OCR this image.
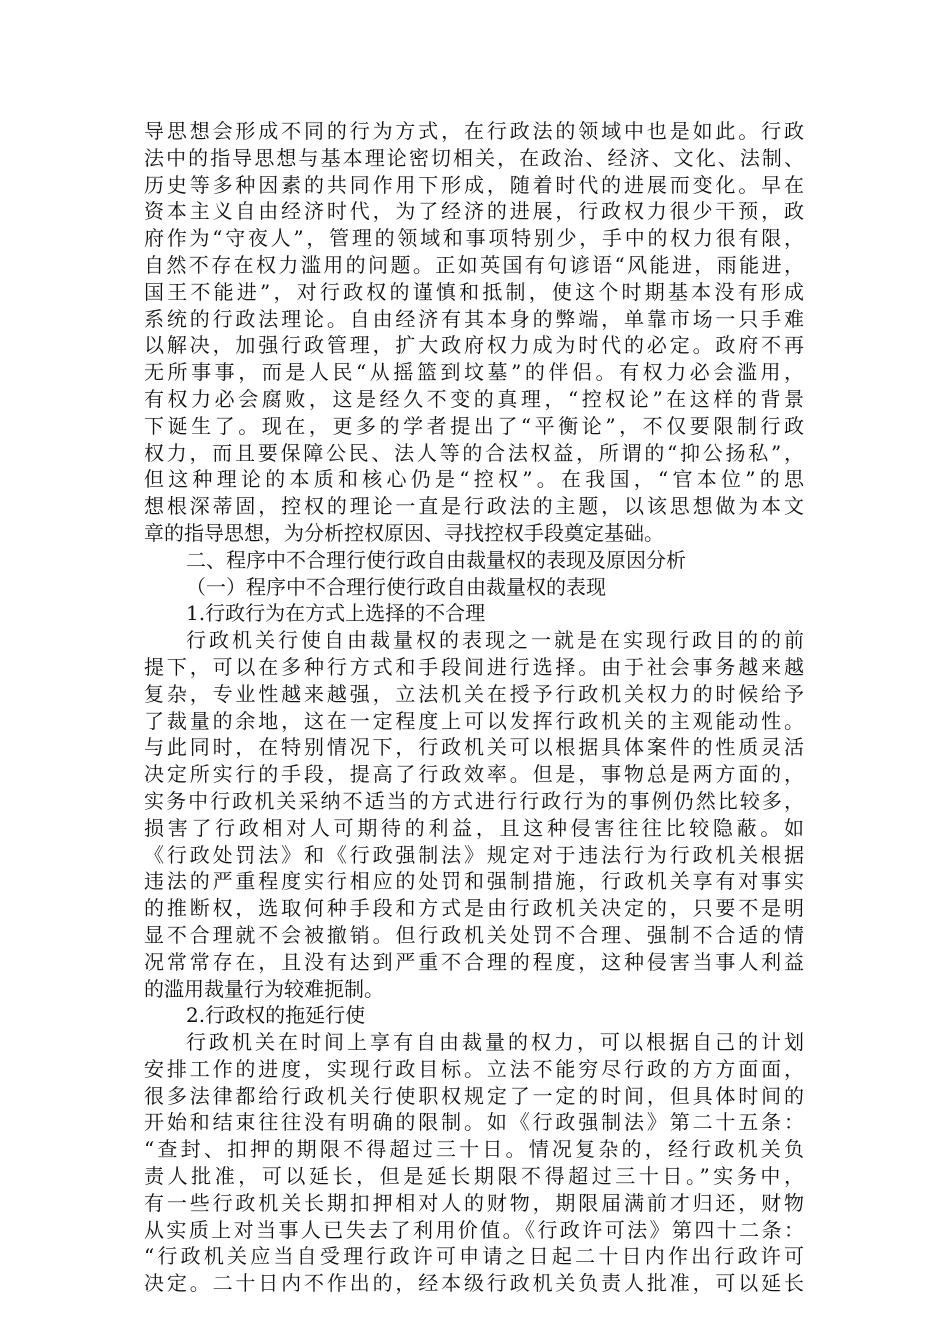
导思想会形成不同的行为方式，在行政法的领域中也是如此。行政
法中的指导思想与基本理论密切相关，在政治、经济、文化、法制、
历史等多种因素的共同作用下形成，随着时代的进展而变化。早在
资本主义自由经济时代，为了经济的进展，行政权力很少干预，政
府作为“守夜人”，管理的领域和事项特别少，手中的权力很有限，
自然不存在权力滥用的问题。正如英国有句谚语“风能进，雨能进，
国王不能进”，对行政权的谨慎和抵制，使这个时期基本没有形成
系统的行政法理论。自由经济有其本身的弊端，单靠市场一只手难
以解决，加强行政管理，扩大政府权力成为时代的必定。政府不再
无所事事，而是人民“从摇篮到坟墓”的伴侣。有权力必会滥用，
有权力必会腐败，这是经久不变的真理，“控权论”在这样的背景
下诞生了。现在，更多的学者提出了“平衡论”，不仅要限制行政
权力，而且要保障公民、法人等的合法权益，所谓的“抑公扬私”，
但这种理论的本质和核心仍是“控权”。在我国，“官本位”的思
想根深蒂固，控权的理论一直是行政法的主题，以该思想做为本文
章的指导思想，为分析控权原因、寻找控权手段奠定基础。
二、程序中不合理行使行政自由裁量权的表现及原因分析
（一）程序中不合理行使行政自由裁量权的表现
1.行政行为在方式上选择的不合理
行政机关行使自由裁量权的表现之一就是在实现行政目的的前
提下，可以在多种行方式和手段间进行选择。由于社会事务越来越
复杂，专业性越来越强，立法机关在授予行政机关权力的时候给予
了裁量的余地，这在一定程度上可以发挥行政机关的主观能动性。
与此同时，在特别情况下，行政机关可以根据具体案件的性质灵活
决定所实行的手段，提高了行政效率。但是，事物总是两方面的，
实务中行政机关采纳不适当的方式进行行政行为的事例仍然比较多，
损害了行政相对人可期待的利益，且这种侵害往往比较隐蔽。如
《行政处罚法》和《行政强制法》规定对于违法行为行政机关根据
违法的严重程度实行相应的处罚和强制措施，行政机关享有对事实
的推断权，选取何种手段和方式是由行政机关决定的，只要不是明
显不合理就不会被撤销。但行政机关处罚不合理、强制不合适的情
况常常存在，且没有达到严重不合理的程度，这种侵害当事人利益
的滥用裁量行为较难扼制。
2.行政权的拖延行使
行政机关在时间上享有自由裁量的权力，可以根据自己的计划
安排工作的进度，实现行政目标。立法不能穷尽行政的方方面面，
很多法律都给行政机关行使职权规定了一定的时间，但具体时间的
开始和结束往往没有明确的限制。如《行政强制法》第二十五条：
“查封、扣押的期限不得超过三十日。情况复杂的，经行政机关负
责人批准，可以延长，但是延长期限不得超过三十日。”实务中，
有一些行政机关长期扣押相对人的财物，期限届满前才归还，财物
从实质上对当事人已失去了利用价值。《行政许可法》第四十二条：
“行政机关应当自受理行政许可申请之日起二十日内作出行政许可
决定。二十日内不作出的，经本级行政机关负责人批准，可以延长
